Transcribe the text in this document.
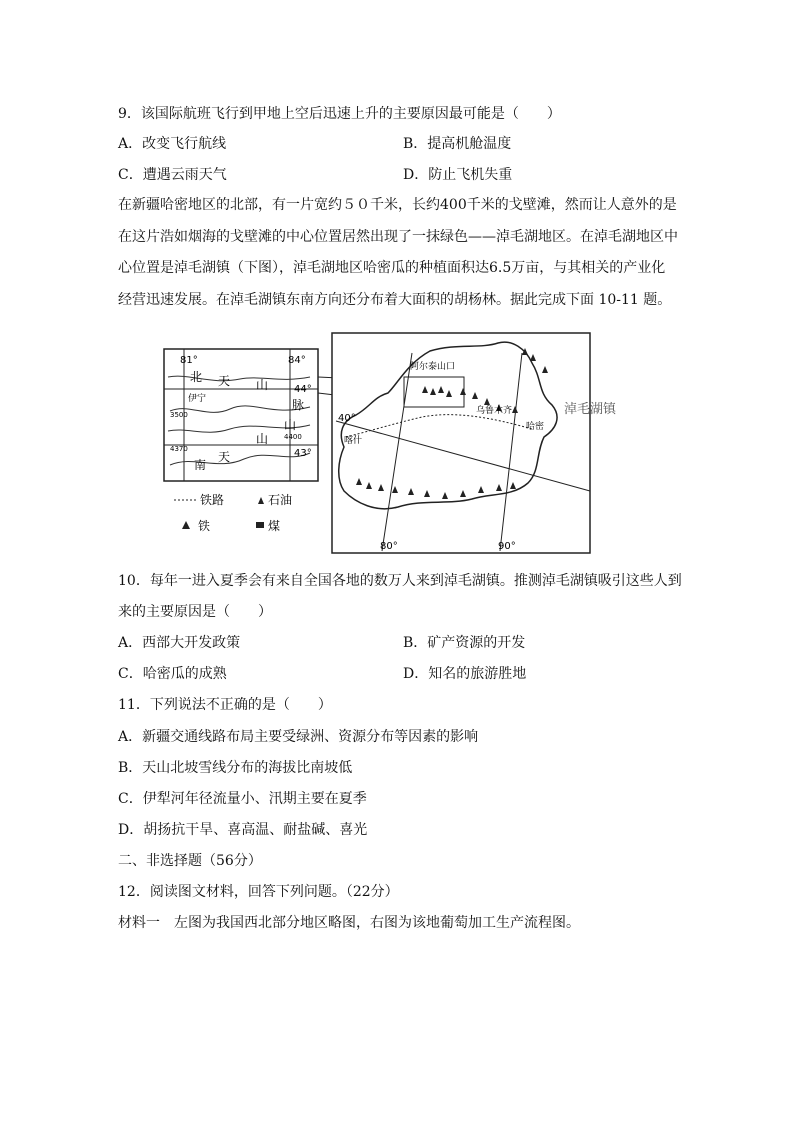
9．该国际航班飞行到甲地上空后迅速上升的主要原因最可能是（　　）
A．改变飞行航线	B．提高机舱温度
C．遭遇云雨天气	D．防止飞机失重
在新疆哈密地区的北部，有一片宽约５０千米，长约400千米的戈壁滩，然而让人意外的是
在这片浩如烟海的戈壁滩的中心位置居然出现了一抹绿色——淖毛湖地区。在淖毛湖地区中
心位置是淖毛湖镇（下图），淖毛湖地区哈密瓜的种植面积达6.5万亩，与其相关的产业化
经营迅速发展。在淖毛湖镇东南方向还分布着大面积的胡杨林。据此完成下面 10-11 题。
81°	84°
44°
43°
北 天 山
脉
南
天
山
山
伊宁
3500
4370
4400
铁路	石油
铁	煤
阿尔泰山口
乌鲁木齐
哈密
喀什
40°
80°	90°
淖毛湖镇
10．每年一进入夏季会有来自全国各地的数万人来到淖毛湖镇。推测淖毛湖镇吸引这些人到
来的主要原因是（　　）
A．西部大开发政策	B．矿产资源的开发
C．哈密瓜的成熟	D．知名的旅游胜地
11．下列说法不正确的是（　　）
A．新疆交通线路布局主要受绿洲、资源分布等因素的影响
B．天山北坡雪线分布的海拔比南坡低
C．伊犁河年径流量小、汛期主要在夏季
D．胡扬抗干旱、喜高温、耐盐碱、喜光
二、非选择题（56分）
12．阅读图文材料，回答下列问题。（22分）
材料一　左图为我国西北部分地区略图，右图为该地葡萄加工生产流程图。
